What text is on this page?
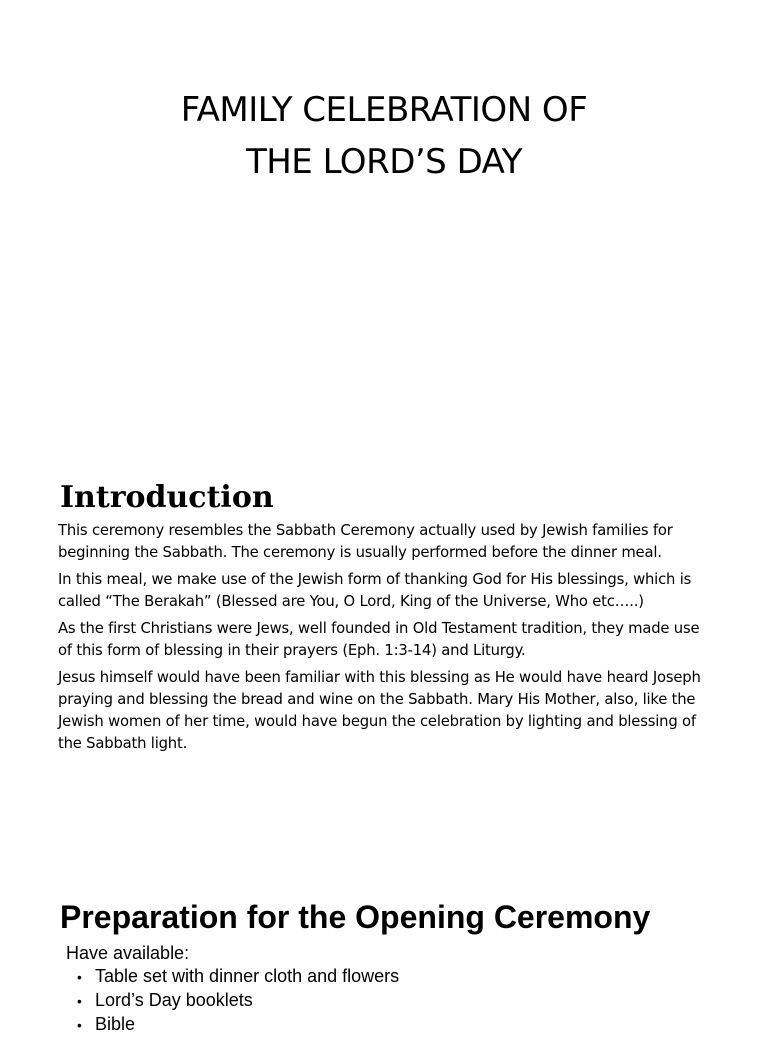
FAMILY CELEBRATION OF
THE LORD’S DAY
Introduction

This ceremony resembles the Sabbath Ceremony actually used by Jewish families for beginning the Sabbath. The ceremony is usually performed before the dinner meal.

In this meal, we make use of the Jewish form of thanking God for His blessings, which is called “The Berakah” (Blessed are You, O Lord, King of the Universe, Who etc…..)

As the first Christians were Jews, well founded in Old Testament tradition, they made use of this form of blessing in their prayers (Eph. 1:3-14) and Liturgy.

Jesus himself would have been familiar with this blessing as He would have heard Joseph praying and blessing the bread and wine on the Sabbath. Mary His Mother, also, like the Jewish women of her time, would have begun the celebration by lighting and blessing of the Sabbath light.

Preparation for the Opening Ceremony
Have available:
• Table set with dinner cloth and flowers
• Lord’s Day booklets
• Bible
